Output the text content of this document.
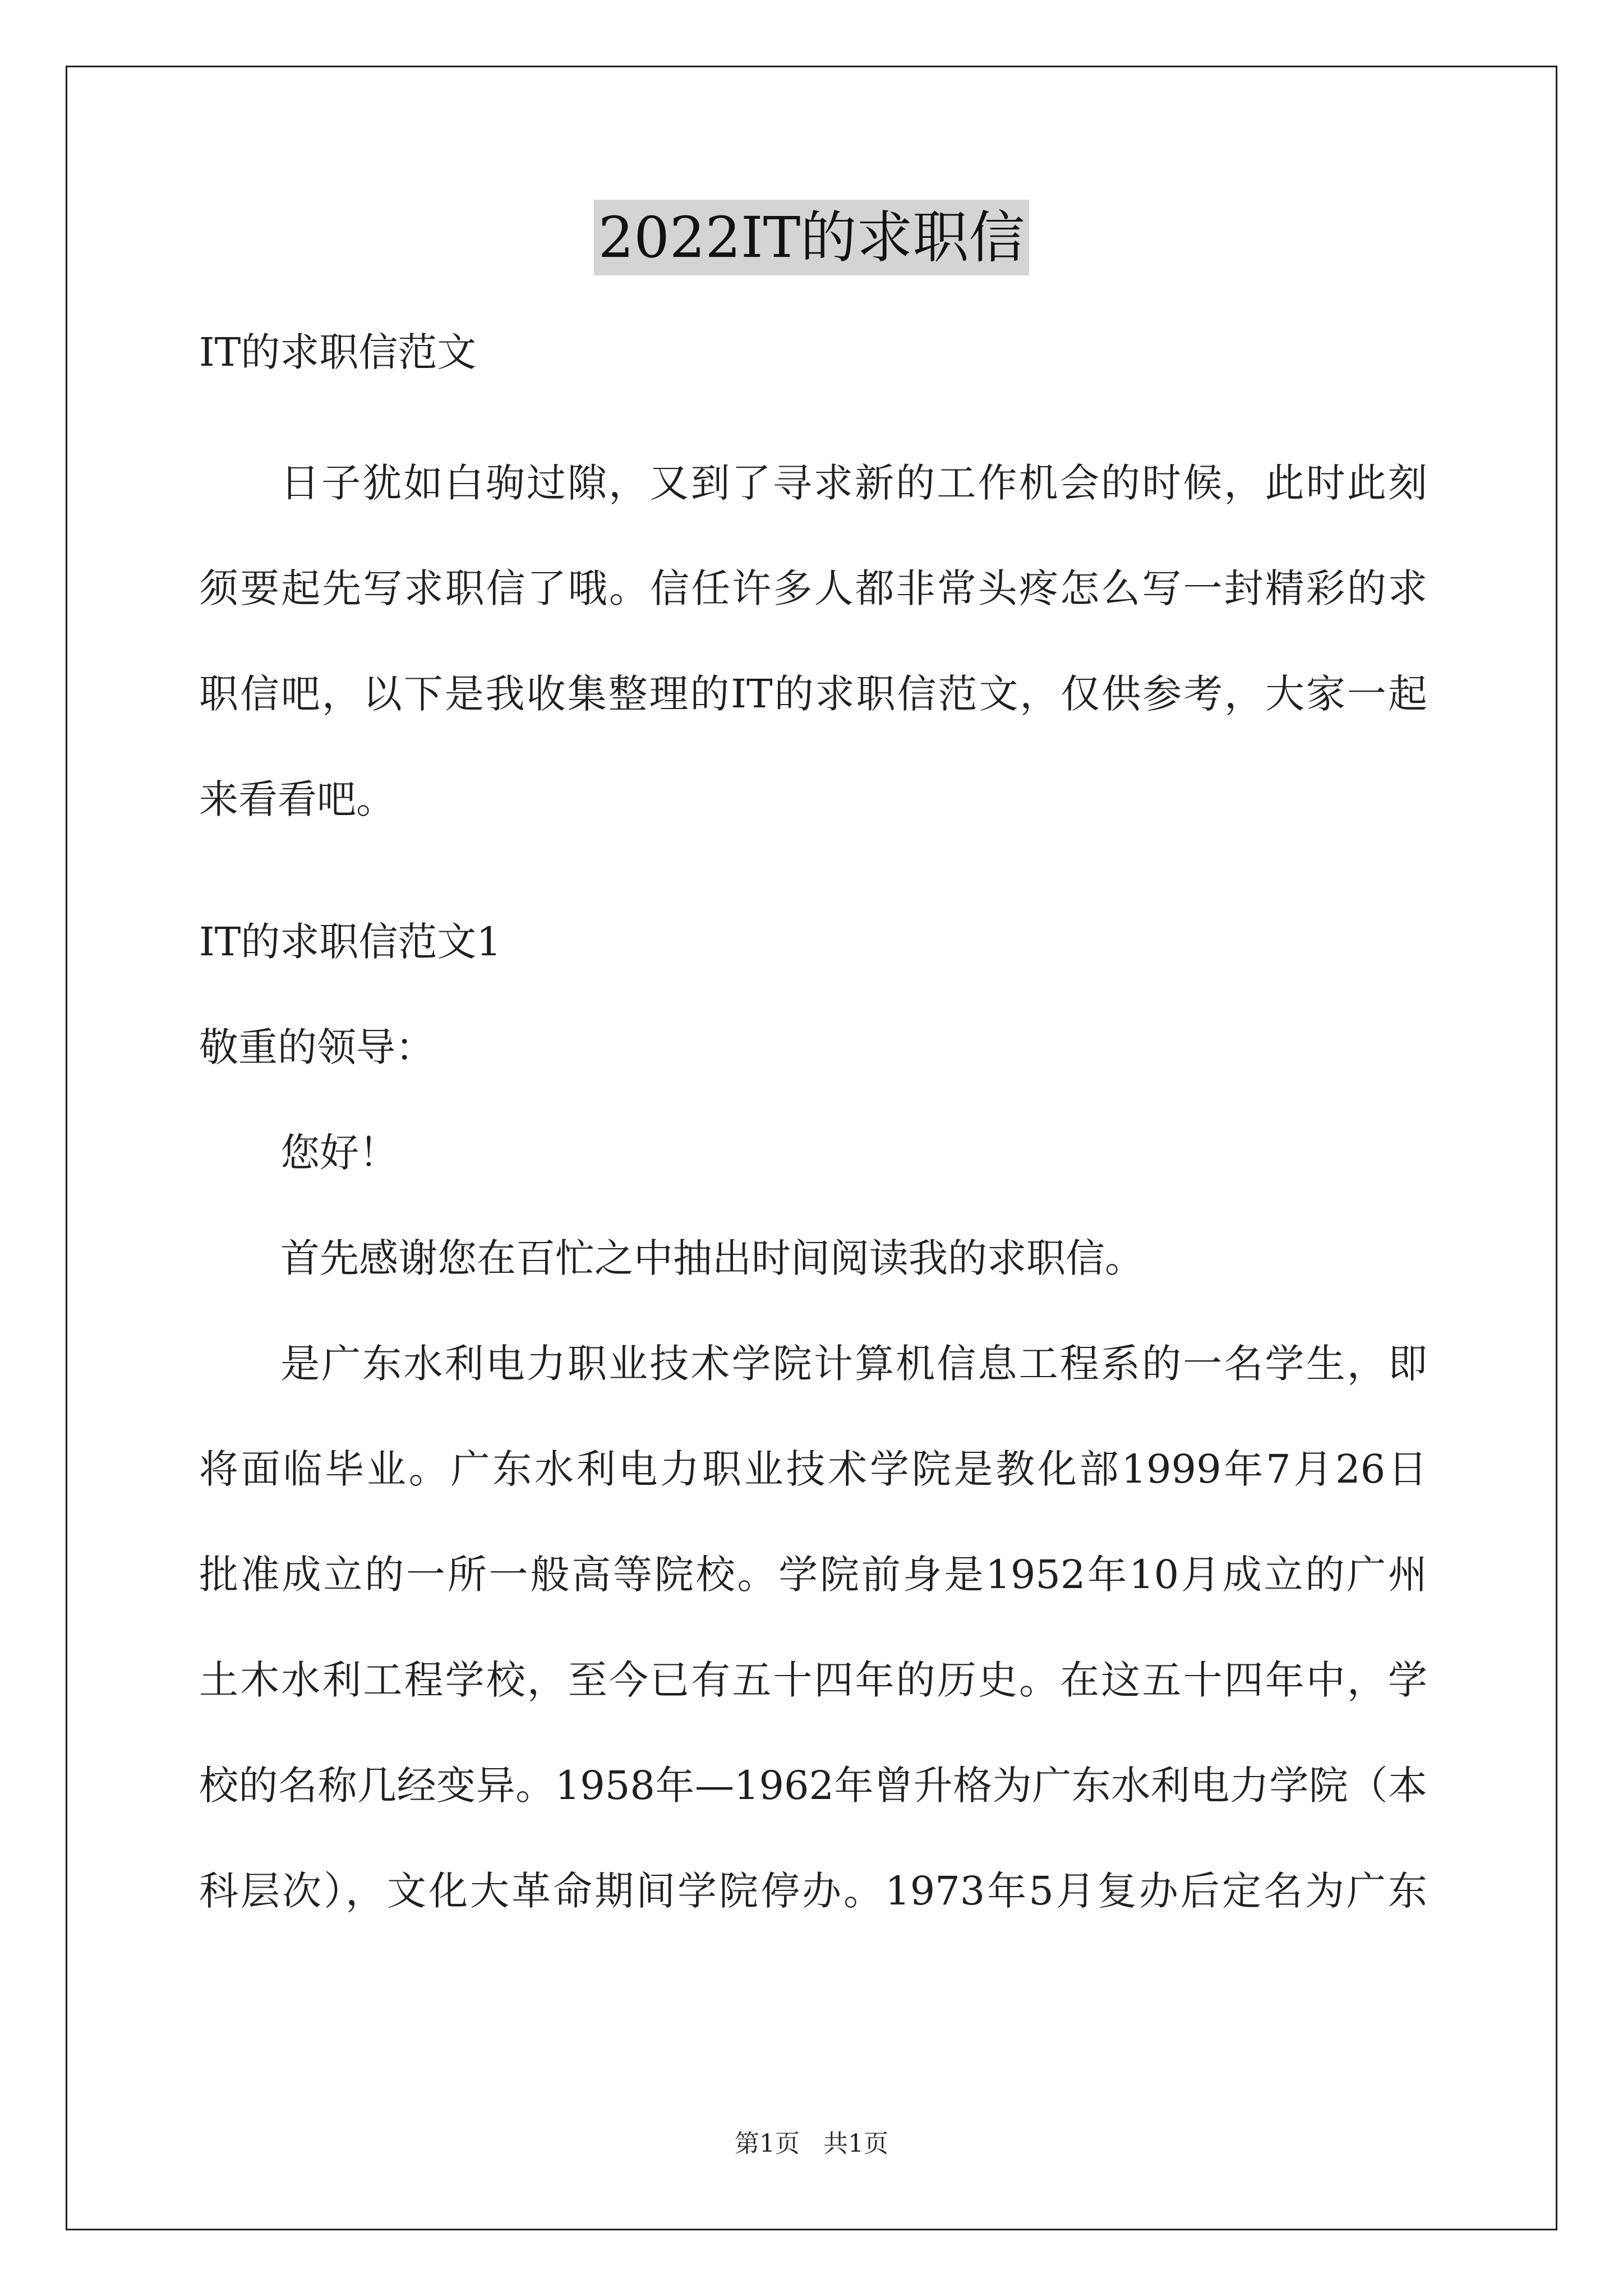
2022IT的求职信
IT的求职信范文
日子犹如白驹过隙，又到了寻求新的工作机会的时候，此时此刻
须要起先写求职信了哦。信任许多人都非常头疼怎么写一封精彩的求
职信吧，以下是我收集整理的IT的求职信范文，仅供参考，大家一起
来看看吧。
IT的求职信范文1
敬重的领导：
您好！
首先感谢您在百忙之中抽出时间阅读我的求职信。
是广东水利电力职业技术学院计算机信息工程系的一名学生，即
将面临毕业。广东水利电力职业技术学院是教化部1999年7月26日
批准成立的一所一般高等院校。学院前身是1952年10月成立的广州
土木水利工程学校，至今已有五十四年的历史。在这五十四年中，学
校的名称几经变异。1958年—1962年曾升格为广东水利电力学院（本
科层次），文化大革命期间学院停办。1973年5月复办后定名为广东
第1页 共1页
